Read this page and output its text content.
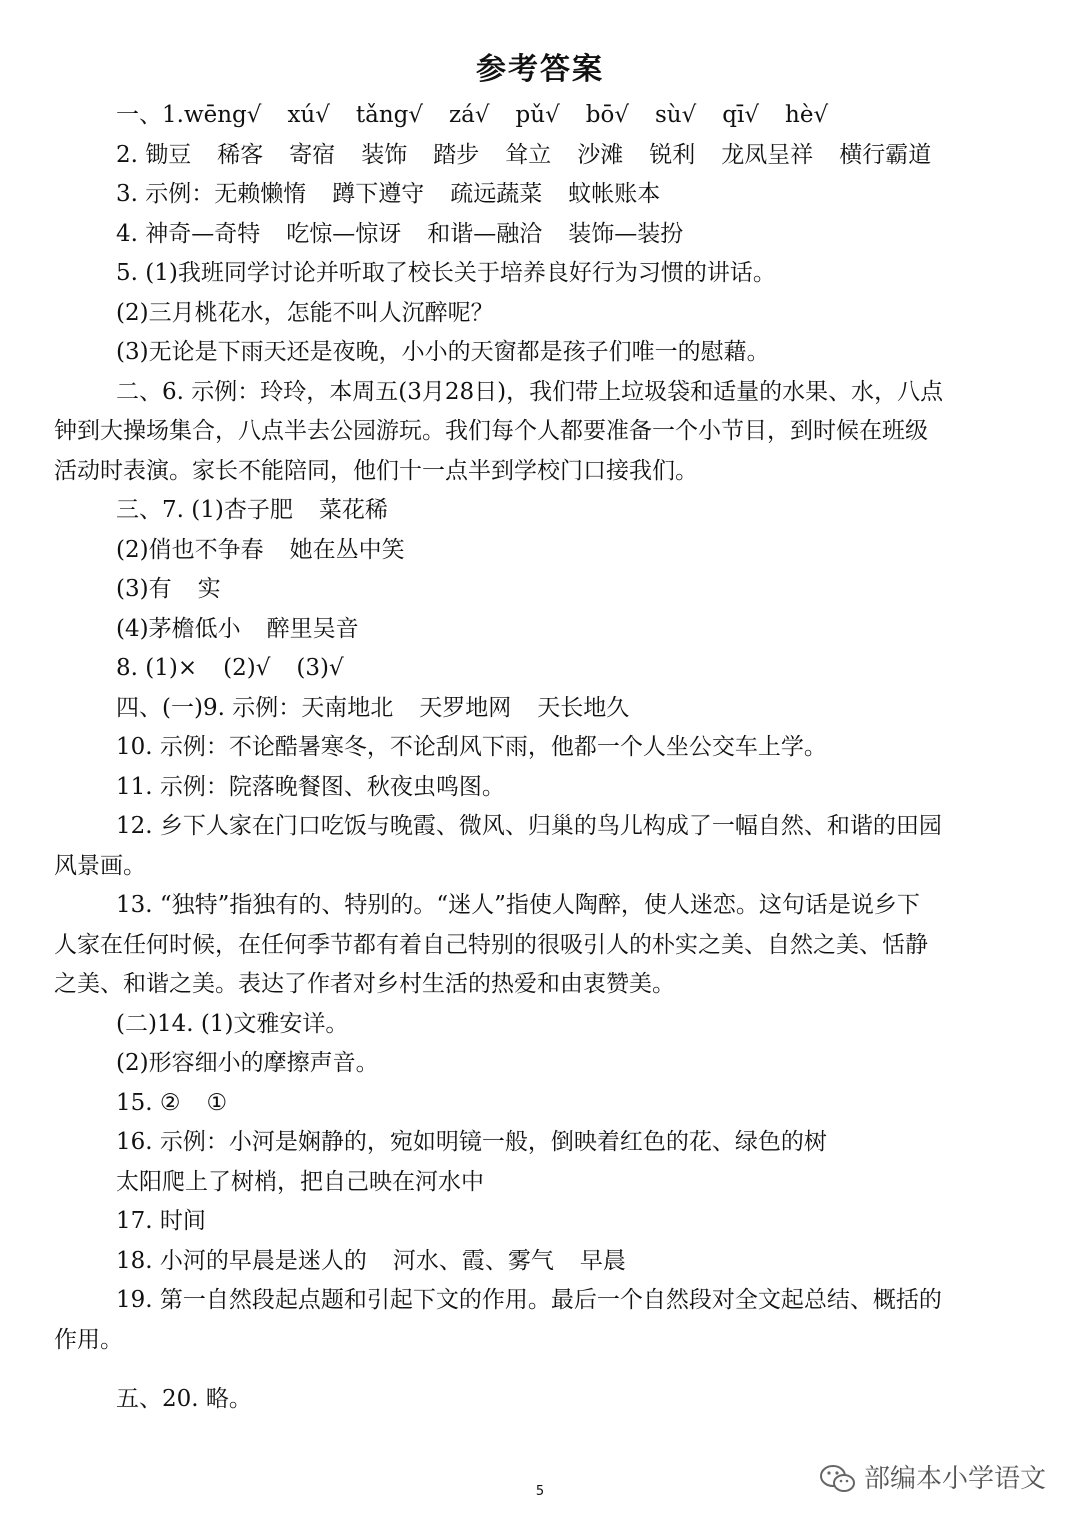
参考答案
一、1.wēng√ xú√ tǎng√ zá√ pǔ√ bō√ sù√ qī√ hè√
2. 锄豆 稀客 寄宿 装饰 踏步 耸立 沙滩 锐利 龙凤呈祥 横行霸道
3. 示例：无赖懒惰 蹲下遵守 疏远蔬菜 蚊帐账本
4. 神奇—奇特 吃惊—惊讶 和谐—融洽 装饰—装扮
5. (1)我班同学讨论并听取了校长关于培养良好行为习惯的讲话。
(2)三月桃花水，怎能不叫人沉醉呢？
(3)无论是下雨天还是夜晚，小小的天窗都是孩子们唯一的慰藉。
二、6. 示例：玲玲，本周五(3月28日)，我们带上垃圾袋和适量的水果、水，八点
钟到大操场集合，八点半去公园游玩。我们每个人都要准备一个小节目，到时候在班级
活动时表演。家长不能陪同，他们十一点半到学校门口接我们。
三、7. (1)杏子肥 菜花稀
(2)俏也不争春 她在丛中笑
(3)有 实
(4)茅檐低小 醉里吴音
8. (1)× (2)√ (3)√
四、(一)9. 示例：天南地北 天罗地网 天长地久
10. 示例：不论酷暑寒冬，不论刮风下雨，他都一个人坐公交车上学。
11. 示例：院落晚餐图、秋夜虫鸣图。
12. 乡下人家在门口吃饭与晚霞、微风、归巢的鸟儿构成了一幅自然、和谐的田园
风景画。
13. “独特”指独有的、特别的。“迷人”指使人陶醉，使人迷恋。这句话是说乡下
人家在任何时候，在任何季节都有着自己特别的很吸引人的朴实之美、自然之美、恬静
之美、和谐之美。表达了作者对乡村生活的热爱和由衷赞美。
(二)14. (1)文雅安详。
(2)形容细小的摩擦声音。
15. ② ①
16. 示例：小河是娴静的，宛如明镜一般，倒映着红色的花、绿色的树
太阳爬上了树梢，把自己映在河水中
17. 时间
18. 小河的早晨是迷人的 河水、霞、雾气 早晨
19. 第一自然段起点题和引起下文的作用。最后一个自然段对全文起总结、概括的
作用。
五、20. 略。
5	部编本小学语文
